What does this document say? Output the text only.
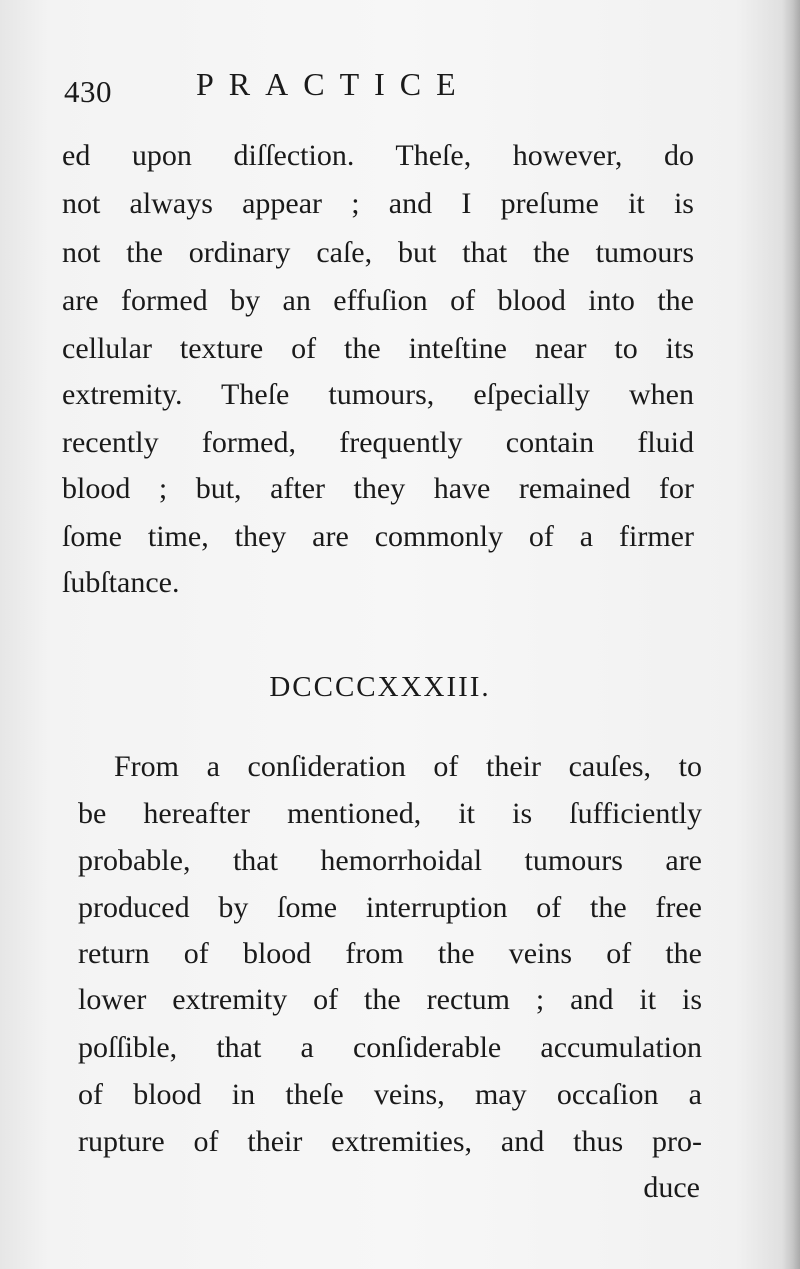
430	PRACTICE
ed upon diſſection. Theſe, however, do
not always appear ; and I preſume it is
not the ordinary caſe, but that the tumours
are formed by an effuſion of blood into the
cellular texture of the inteſtine near to its
extremity. Theſe tumours, eſpecially when
recently formed, frequently contain fluid
blood ; but, after they have remained for
ſome time, they are commonly of a firmer
ſubſtance.
DCCCCXXXIII.
From a conſideration of their cauſes, to
be hereafter mentioned, it is ſufficiently
probable, that hemorrhoidal tumours are
produced by ſome interruption of the free
return of blood from the veins of the
lower extremity of the rectum ; and it is
poſſible, that a conſiderable accumulation
of blood in theſe veins, may occaſion a
rupture of their extremities, and thus pro-
duce
